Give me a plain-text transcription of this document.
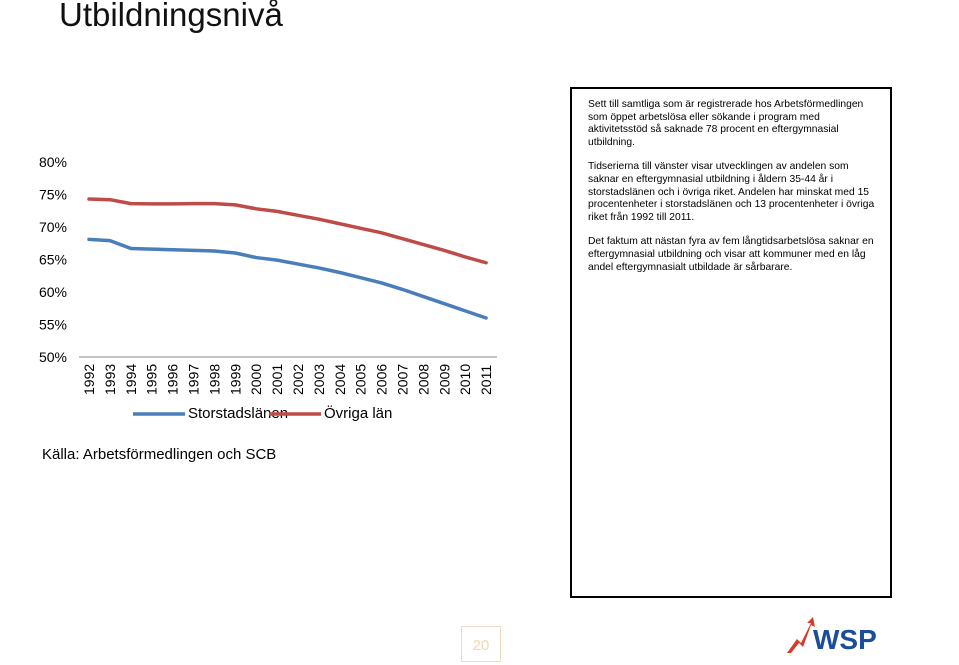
Utbildningsnivå
80%
75%
70%
65%
60%
55%
50%
1992 1993 1994 1995 1996 1997 1998 1999 2000 2001 2002 2003 2004 2005 2006 2007 2008 2009 2010 2011
Storstadslänen Övriga län
Källa: Arbetsförmedlingen och SCB

Sett till samtliga som är registrerade hos Arbetsförmedlingen som öppet arbetslösa eller sökande i program med aktivitetsstöd så saknade 78 procent en eftergymnasial utbildning.

Tidserierna till vänster visar utvecklingen av andelen som saknar en eftergymnasial utbildning i åldern 35-44 år i storstadslänen och i övriga riket. Andelen har minskat med 15 procentenheter i storstadslänen och 13 procentenheter i övriga riket från 1992 till 2011.

Det faktum att nästan fyra av fem långtidsarbetslösa saknar en eftergymnasial utbildning och visar att kommuner med en låg andel eftergymnasialt utbildade är sårbarare.

20	WSP
